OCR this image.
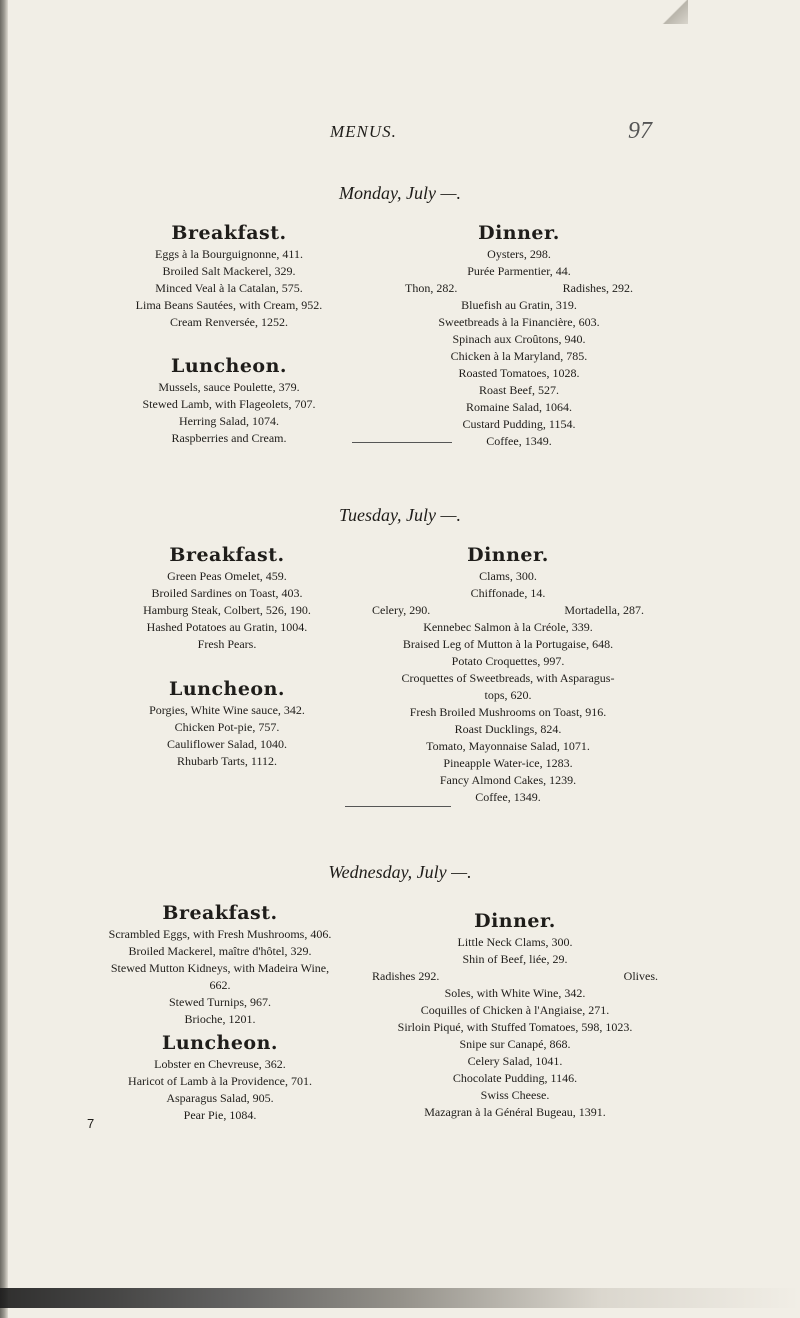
MENUS.	97
Monday, July —.
Breakfast.
Eggs à la Bourguignonne, 411.
Broiled Salt Mackerel, 329.
Minced Veal à la Catalan, 575.
Lima Beans Sautées, with Cream, 952.
Cream Renversée, 1252.
Luncheon.
Mussels, sauce Poulette, 379.
Stewed Lamb, with Flageolets, 707.
Herring Salad, 1074.
Raspberries and Cream.
Dinner.
Oysters, 298.
Purée Parmentier, 44.
Thon, 282.	Radishes, 292.
Bluefish au Gratin, 319.
Sweetbreads à la Financière, 603.
Spinach aux Croûtons, 940.
Chicken à la Maryland, 785.
Roasted Tomatoes, 1028.
Roast Beef, 527.
Romaine Salad, 1064.
Custard Pudding, 1154.
Coffee, 1349.
Tuesday, July —.
Breakfast.
Green Peas Omelet, 459.
Broiled Sardines on Toast, 403.
Hamburg Steak, Colbert, 526, 190.
Hashed Potatoes au Gratin, 1004.
Fresh Pears.
Luncheon.
Porgies, White Wine sauce, 342.
Chicken Pot-pie, 757.
Cauliflower Salad, 1040.
Rhubarb Tarts, 1112.
Dinner.
Clams, 300.
Chiffonade, 14.
Celery, 290.	Mortadella, 287.
Kennebec Salmon à la Créole, 339.
Braised Leg of Mutton à la Portugaise, 648.
Potato Croquettes, 997.
Croquettes of Sweetbreads, with Asparagus-
tops, 620.
Fresh Broiled Mushrooms on Toast, 916.
Roast Ducklings, 824.
Tomato, Mayonnaise Salad, 1071.
Pineapple Water-ice, 1283.
Fancy Almond Cakes, 1239.
Coffee, 1349.
Wednesday, July —.
Breakfast.
Scrambled Eggs, with Fresh Mushrooms, 406.
Broiled Mackerel, maître d'hôtel, 329.
Stewed Mutton Kidneys, with Madeira Wine,
662.
Stewed Turnips, 967.
Brioche, 1201.
Luncheon.
Lobster en Chevreuse, 362.
Haricot of Lamb à la Providence, 701.
Asparagus Salad, 905.
Pear Pie, 1084.
Dinner.
Little Neck Clams, 300.
Shin of Beef, liée, 29.
Radishes 292.	Olives.
Soles, with White Wine, 342.
Coquilles of Chicken à l'Angiaise, 271.
Sirloin Piqué, with Stuffed Tomatoes, 598, 1023.
Snipe sur Canapé, 868.
Celery Salad, 1041.
Chocolate Pudding, 1146.
Swiss Cheese.
Mazagran à la Général Bugeau, 1391.
7
